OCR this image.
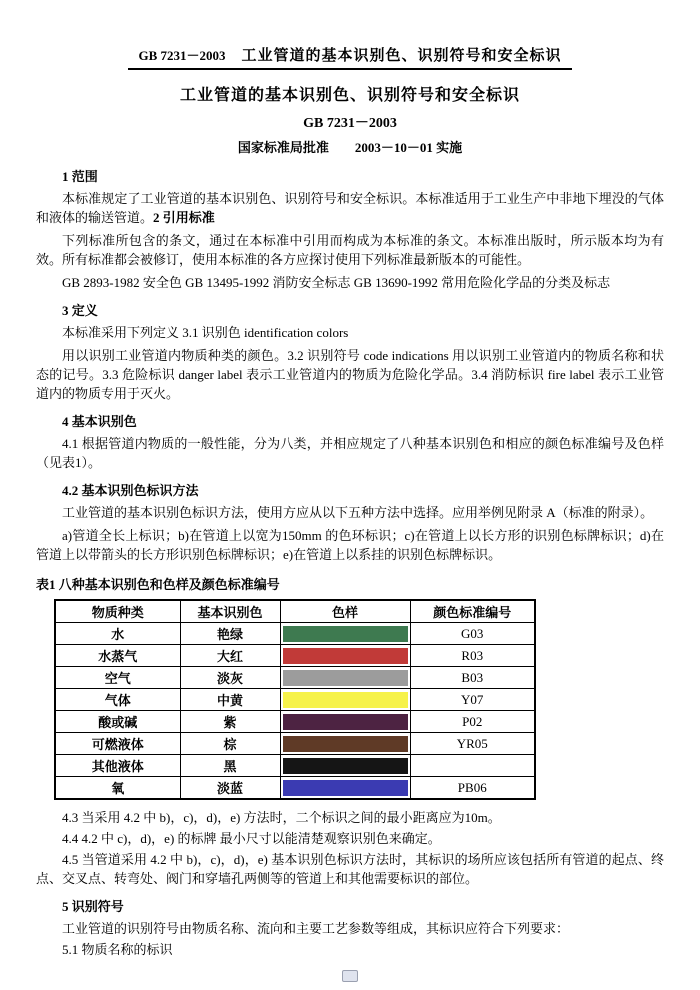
GB 7231－2003 工业管道的基本识别色、识别符号和安全标识
工业管道的基本识别色、识别符号和安全标识
GB 7231－2003
国家标准局批准　　2003－10－01 实施
1 范围

本标准规定了工业管道的基本识别色、识别符号和安全标识。本标准适用于工业生产中非地下埋没的气体和液体的输送管道。2 引用标准

下列标准所包含的条文，通过在本标准中引用而构成为本标准的条文。本标准出版时，所示版本均为有效。所有标准都会被修订，使用本标准的各方应探讨使用下列标准最新版本的可能性。

GB 2893-1982 安全色 GB 13495-1992 消防安全标志 GB 13690-1992 常用危险化学品的分类及标志

3 定义

本标准采用下列定义 3.1 识别色 identification colors

用以识别工业管道内物质种类的颜色。3.2 识别符号 code indications 用以识别工业管道内的物质名称和状态的记号。3.3 危险标识 danger label 表示工业管道内的物质为危险化学品。3.4 消防标识 fire label 表示工业管道内的物质专用于灭火。

4 基本识别色

4.1 根据管道内物质的一般性能，分为八类，并相应规定了八种基本识别色和相应的颜色标准编号及色样（见表1）。

4.2 基本识别色标识方法

工业管道的基本识别色标识方法，使用方应从以下五种方法中选择。应用举例见附录 A（标准的附录）。

a)管道全长上标识；b)在管道上以宽为150mm 的色环标识；c)在管道上以长方形的识别色标牌标识；d)在管道上以带箭头的长方形识别色标牌标识；e)在管道上以系挂的识别色标牌标识。

表1 八种基本识别色和色样及颜色标准编号
物质种类	基本识别色	色样	颜色标准编号
水	艳绿		G03
水蒸气	大红		R03
空气	淡灰		B03
气体	中黄		Y07
酸或碱	紫		P02
可燃液体	棕		YR05
其他液体	黑	

氧	淡蓝		PB06

4.3 当采用 4.2 中 b)，c)，d)，e) 方法时，二个标识之间的最小距离应为10m。

4.4 4.2 中 c)，d)，e) 的标牌 最小尺寸以能清楚观察识别色来确定。

4.5 当管道采用 4.2 中 b)，c)，d)，e) 基本识别色标识方法时，其标识的场所应该包括所有管道的起点、终点、交叉点、转弯处、阀门和穿墙孔两侧等的管道上和其他需要标识的部位。

5 识别符号

工业管道的识别符号由物质名称、流向和主要工艺参数等组成，其标识应符合下列要求：

5.1 物质名称的标识
